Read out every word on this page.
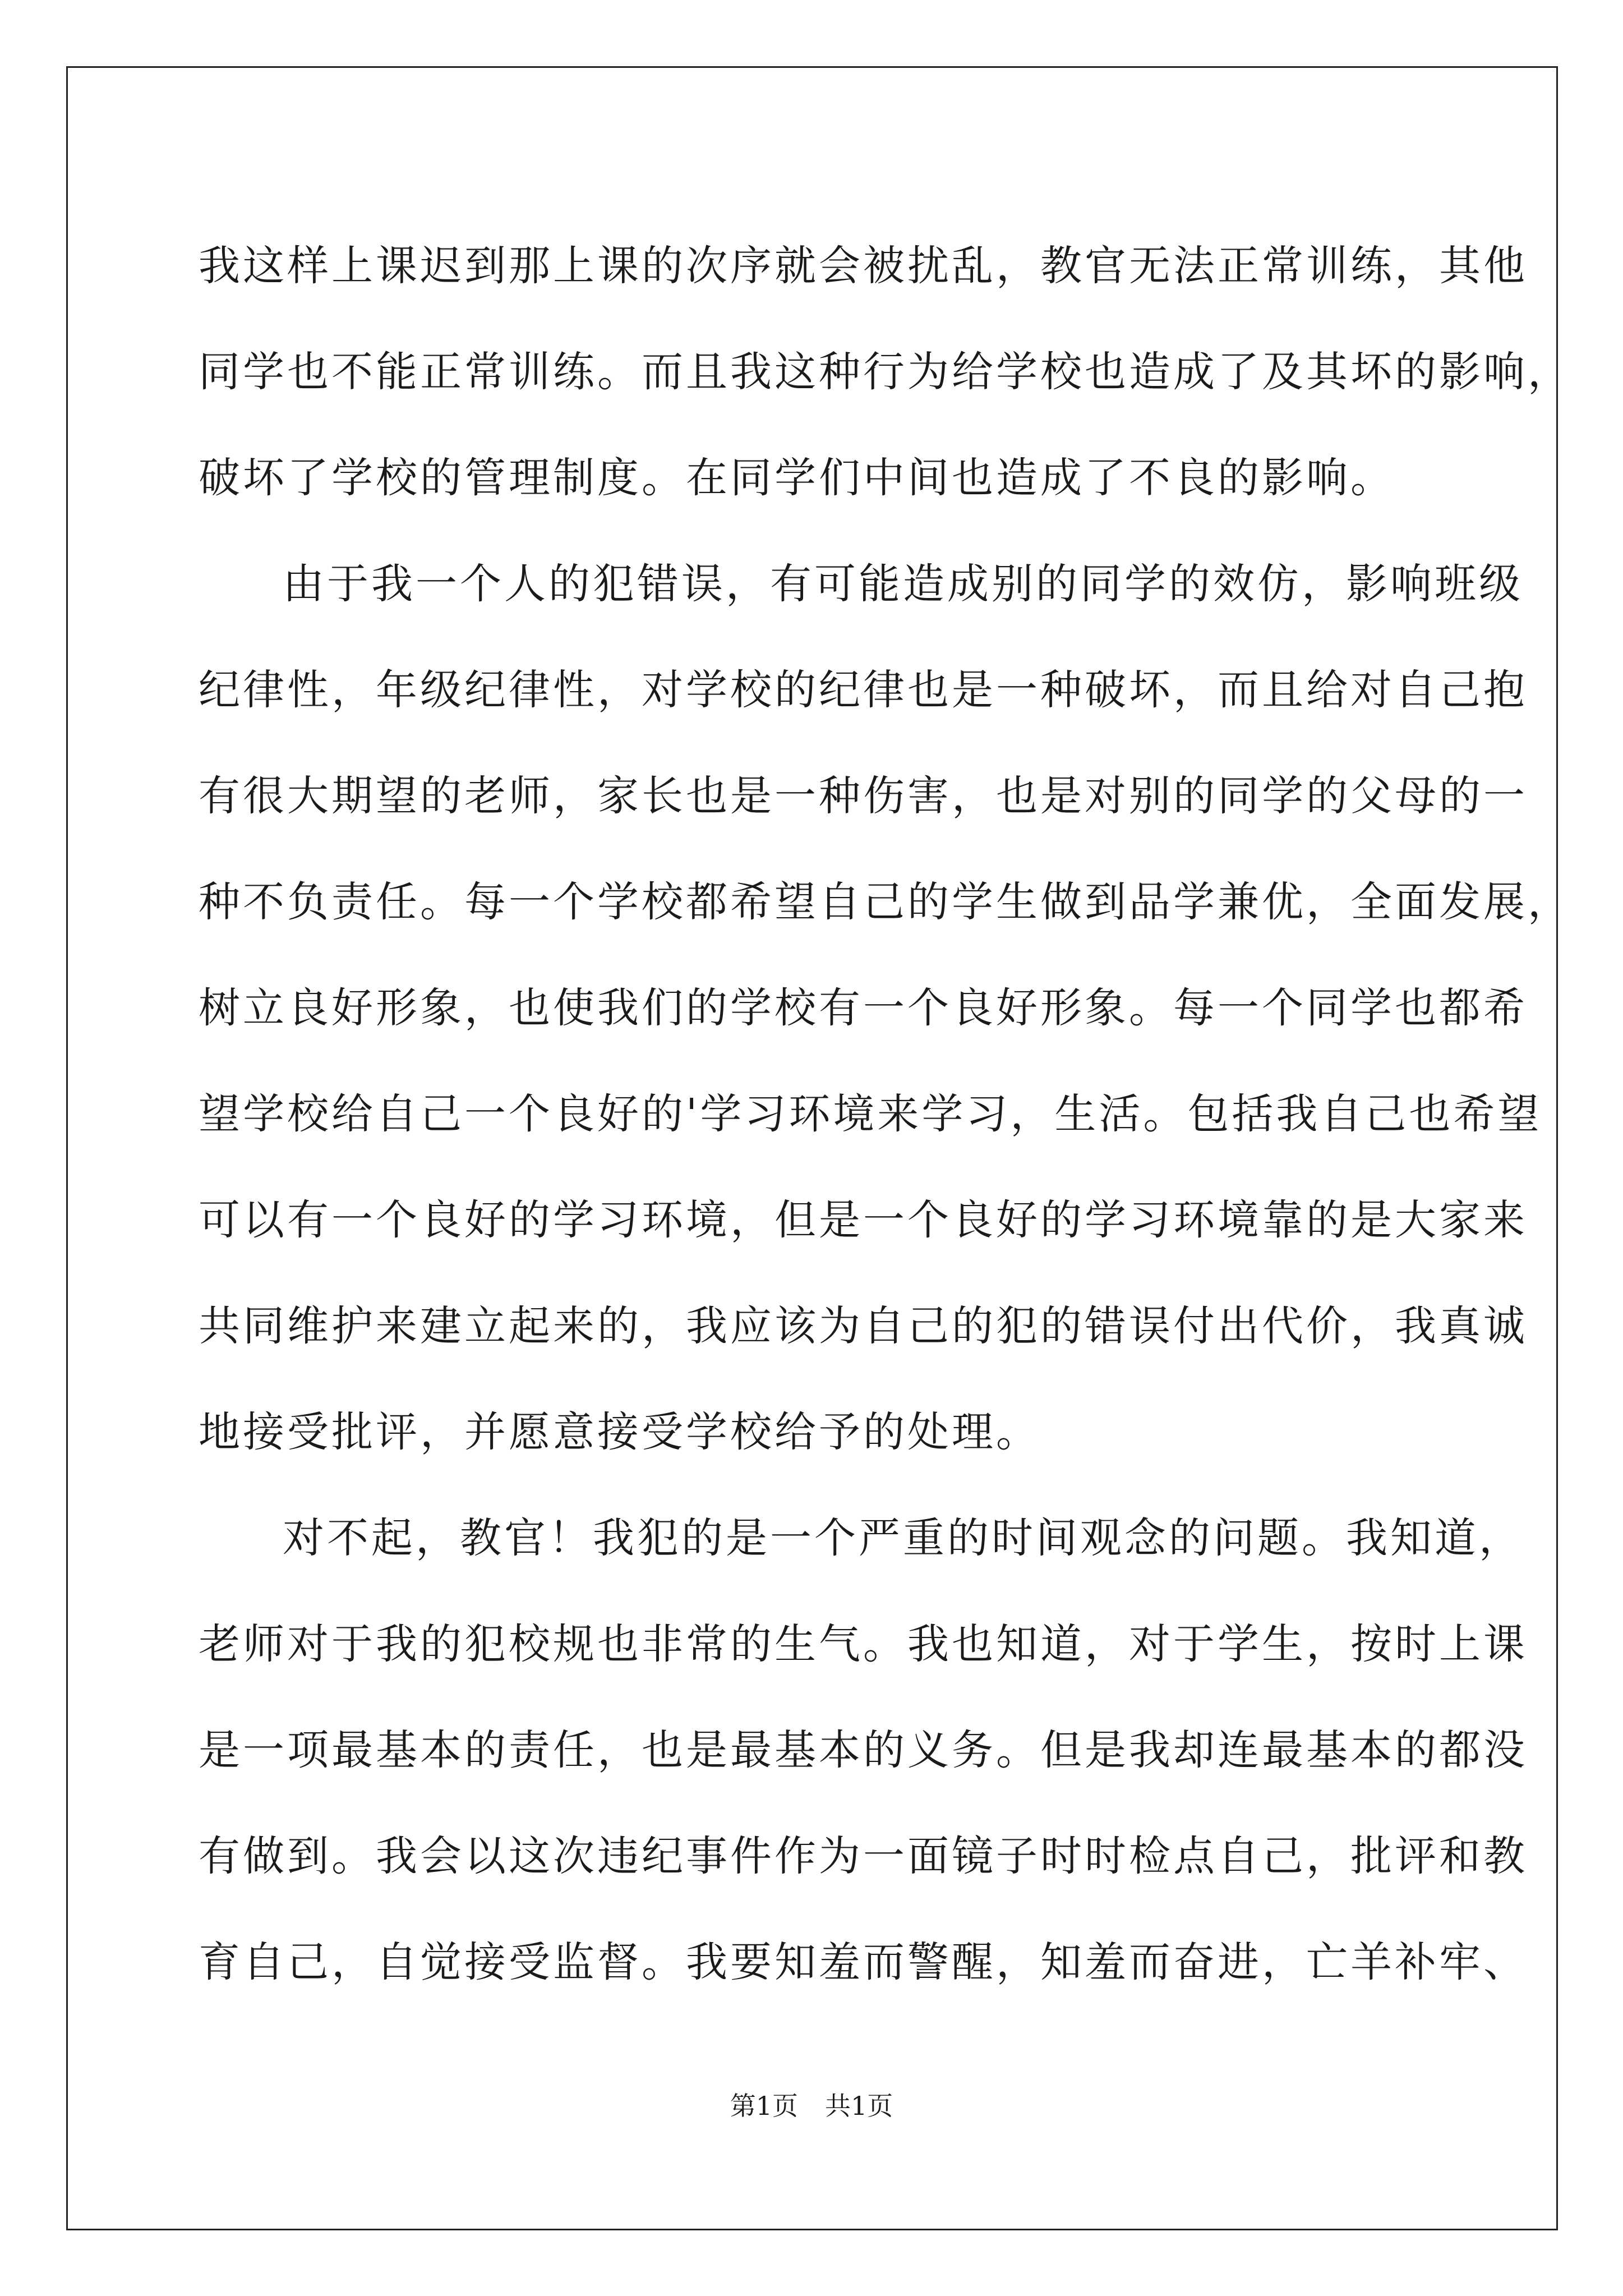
我这样上课迟到那上课的次序就会被扰乱，教官无法正常训练，其他
同学也不能正常训练。而且我这种行为给学校也造成了及其坏的影响，
破坏了学校的管理制度。在同学们中间也造成了不良的影响。
由于我一个人的犯错误，有可能造成别的同学的效仿，影响班级
纪律性，年级纪律性，对学校的纪律也是一种破坏，而且给对自己抱
有很大期望的老师，家长也是一种伤害，也是对别的同学的父母的一
种不负责任。每一个学校都希望自己的学生做到品学兼优，全面发展，
树立良好形象，也使我们的学校有一个良好形象。每一个同学也都希
望学校给自己一个良好的'学习环境来学习，生活。包括我自己也希望
可以有一个良好的学习环境，但是一个良好的学习环境靠的是大家来
共同维护来建立起来的，我应该为自己的犯的错误付出代价，我真诚
地接受批评，并愿意接受学校给予的处理。
对不起，教官！我犯的是一个严重的时间观念的问题。我知道，
老师对于我的犯校规也非常的生气。我也知道，对于学生，按时上课
是一项最基本的责任，也是最基本的义务。但是我却连最基本的都没
有做到。我会以这次违纪事件作为一面镜子时时检点自己，批评和教
育自己，自觉接受监督。我要知羞而警醒，知羞而奋进，亡羊补牢、
第1页 共1页
